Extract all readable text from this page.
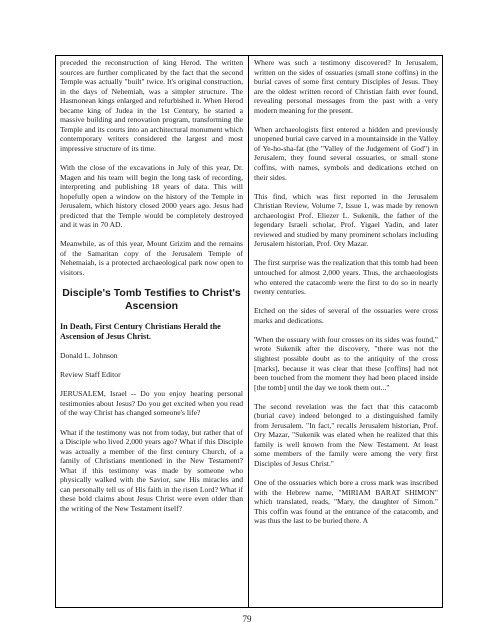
preceded the reconstruction of king Herod. The written sources are further complicated by the fact that the second Temple was actually "built" twice. It's original construction, in the days of Nehemiah, was a simpler structure. The Hasmonean kings enlarged and refurbished it. When Herod became king of Judea in the 1st Century, he started a massive building and renovation program, transforming the Temple and its courts into an architectural monument which contemporary writers considered the largest and most impressive structure of its time.

With the close of the excavations in July of this year, Dr. Magen and his team will begin the long task of recording, interpreting and publishing 18 years of data. This will hopefully open a window on the history of the Temple in Jerusalem, which history closed 2000 years ago. Jesus had predicted that the Temple would be completely destroyed and it was in 70 AD.

Meanwhile, as of this year, Mount Grizim and the remains of the Samaritan copy of the Jerusalem Temple of Nehemaiah, is a protected archaeological park now open to visitors.

Disciple's Tomb Testifies to Christ's Ascension
In Death, First Century Christians Herald the Ascension of Jesus Christ.

Donald L. Johnson

Review Staff Editor

JERUSALEM, Israel -- Do you enjoy hearing personal testimonies about Jesus? Do you get excited when you read of the way Christ has changed someone's life?

What if the testimony was not from today, but rather that of a Disciple who lived 2,000 years ago? What if this Disciple was actually a member of the first century Church, of a family of Christians mentioned in the New Testament? What if this testimony was made by someone who physically walked with the Savior, saw His miracles and can personally tell us of His faith in the risen Lord? What if these bold claims about Jesus Christ were even older than the writing of the New Testament itself?

Where was such a testimony discovered? In Jerusalem, written on the sides of ossuaries (small stone coffins) in the burial caves of some first century Disciples of Jesus. They are the oldest written record of Christian faith ever found, revealing personal messages from the past with a very modern meaning for the present.

When archaeologists first entered a hidden and previously unopened burial cave carved in a mountainside in the Valley of Ye-ho-sha-fat (the "Valley of the Judgement of God") in Jerusalem, they found several ossuaries, or small stone coffins, with names, symbols and dedications etched on their sides.

This find, which was first reported in the Jerusalem Christian Review, Volume 7, Issue 1, was made by renown archaeologist Prof. Eliezer L. Sukenik, the father of the legendary Israeli scholar, Prof. Yigael Yadin, and later reviewed and studied by many prominent scholars including Jerusalem historian, Prof. Ory Mazar.

The first surprise was the realization that this tomb had been untouched for almost 2,000 years. Thus, the archaeologists who entered the catacomb were the first to do so in nearly twenty centuries.

Etched on the sides of several of the ossuaries were cross marks and dedications.

'When the ossuary with four crosses on its sides was found," wrote Sukenik after the discovery, "there was not the slightest possible doubt as to the antiquity of the cross [marks], because it was clear that these [coffins] had not been touched from the moment they had been placed inside [the tomb] until the day we took them out..."

The second revelation was the fact that this catacomb (burial cave) indeed belonged to a distinguished family from Jerusalem. "In fact," recalls Jerusalem historian, Prof. Ory Mazar, "Sukenik was elated when he realized that this family is well known from the New Testament. At least some members of the family were among the very first Disciples of Jesus Christ."

One of the ossuaries which bore a cross mark was inscribed with the Hebrew name, "MIRIAM BARAT SHIMON" which translated, reads, "Mary, the daughter of Simon." This coffin was found at the entrance of the catacomb, and was thus the last to be buried there. A

79
